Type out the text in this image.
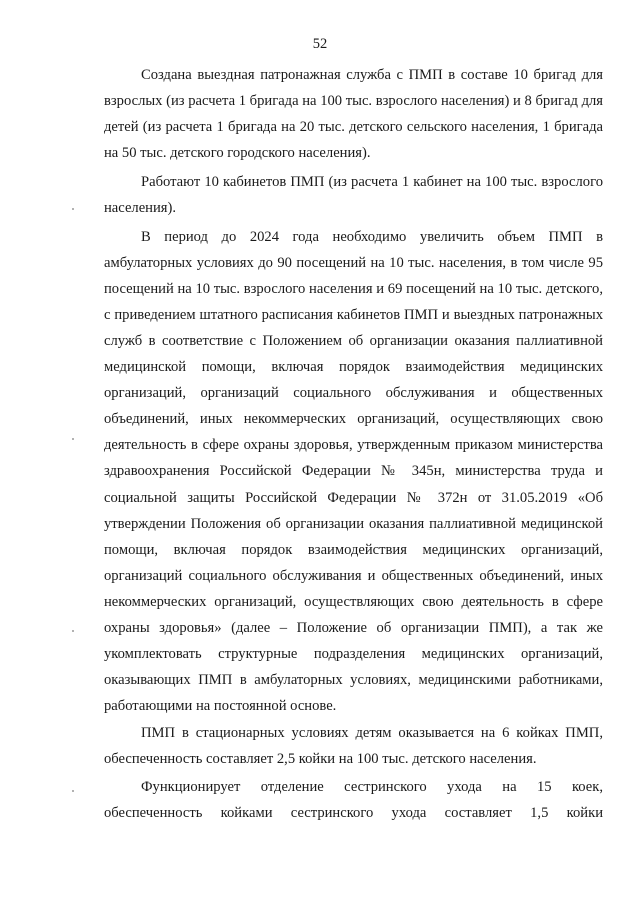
52

Создана выездная патронажная служба с ПМП в составе 10 бригад для взрослых (из расчета 1 бригада на 100 тыс. взрослого населения) и 8 бригад для детей (из расчета 1 бригада на 20 тыс. детского сельского населения, 1 бригада на 50 тыс. детского городского населения).

Работают 10 кабинетов ПМП (из расчета 1 кабинет на 100 тыс. взрослого населения).

В период до 2024 года необходимо увеличить объем ПМП в амбулаторных условиях до 90 посещений на 10 тыс. населения, в том числе 95 посещений на 10 тыс. взрослого населения и 69 посещений на 10 тыс. детского, с приведением штатного расписания кабинетов ПМП и выездных патронажных служб в соответствие с Положением об организации оказания паллиативной медицинской помощи, включая порядок взаимодействия медицинских организаций, организаций социального обслуживания и общественных объединений, иных некоммерческих организаций, осуществляющих свою деятельность в сфере охраны здоровья, утвержденным приказом министерства здравоохранения Российской Федерации № 345н, министерства труда и социальной защиты Российской Федерации № 372н от 31.05.2019 «Об утверждении Положения об организации оказания паллиативной медицинской помощи, включая порядок взаимодействия медицинских организаций, организаций социального обслуживания и общественных объединений, иных некоммерческих организаций, осуществляющих свою деятельность в сфере охраны здоровья» (далее – Положение об организации ПМП), а так же укомплектовать структурные подразделения медицинских организаций, оказывающих ПМП в амбулаторных условиях, медицинскими работниками, работающими на постоянной основе.

ПМП в стационарных условиях детям оказывается на 6 койках ПМП, обеспеченность составляет 2,5 койки на 100 тыс. детского населения.

Функционирует отделение сестринского ухода на 15 коек, обеспеченность койками сестринского ухода составляет 1,5 койки
